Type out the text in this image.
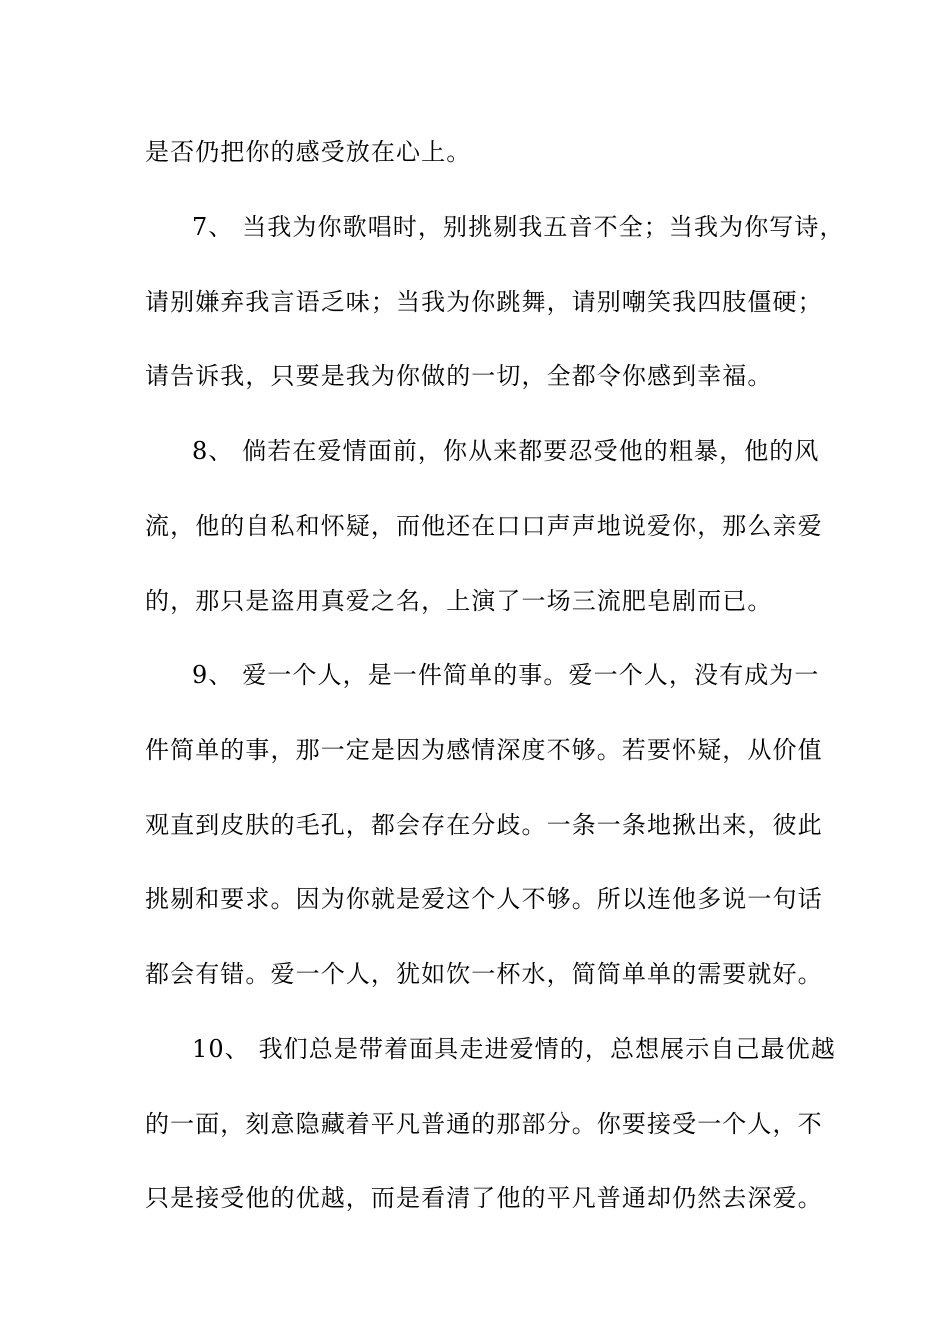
是否仍把你的感受放在心上。
7、 当我为你歌唱时，别挑剔我五音不全；当我为你写诗，
请别嫌弃我言语乏味；当我为你跳舞，请别嘲笑我四肢僵硬；
请告诉我，只要是我为你做的一切，全都令你感到幸福。
8、 倘若在爱情面前，你从来都要忍受他的粗暴，他的风
流，他的自私和怀疑，而他还在口口声声地说爱你，那么亲爱
的，那只是盗用真爱之名，上演了一场三流肥皂剧而已。
9、 爱一个人，是一件简单的事。爱一个人，没有成为一
件简单的事，那一定是因为感情深度不够。若要怀疑，从价值
观直到皮肤的毛孔，都会存在分歧。一条一条地揪出来，彼此
挑剔和要求。因为你就是爱这个人不够。所以连他多说一句话
都会有错。爱一个人，犹如饮一杯水，简简单单的需要就好。
10、 我们总是带着面具走进爱情的，总想展示自己最优越
的一面，刻意隐藏着平凡普通的那部分。你要接受一个人，不
只是接受他的优越，而是看清了他的平凡普通却仍然去深爱。
